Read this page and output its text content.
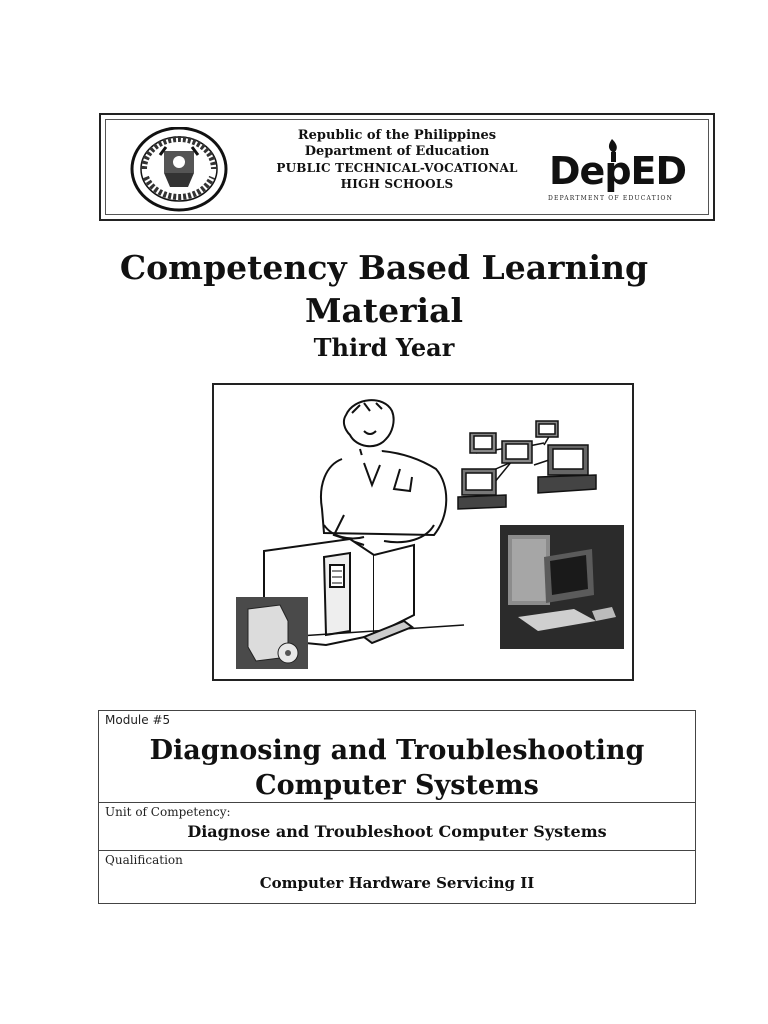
Republic of the Philippines
Department of Education
PUBLIC TECHNICAL-VOCATIONAL
HIGH SCHOOLS	DepED
DEPARTMENT OF EDUCATION
Competency Based Learning
Material
Third Year
Module #5
Diagnosing and Troubleshooting
Computer Systems
Unit of Competency:
Diagnose and Troubleshoot Computer Systems
Qualification
Computer Hardware Servicing II
